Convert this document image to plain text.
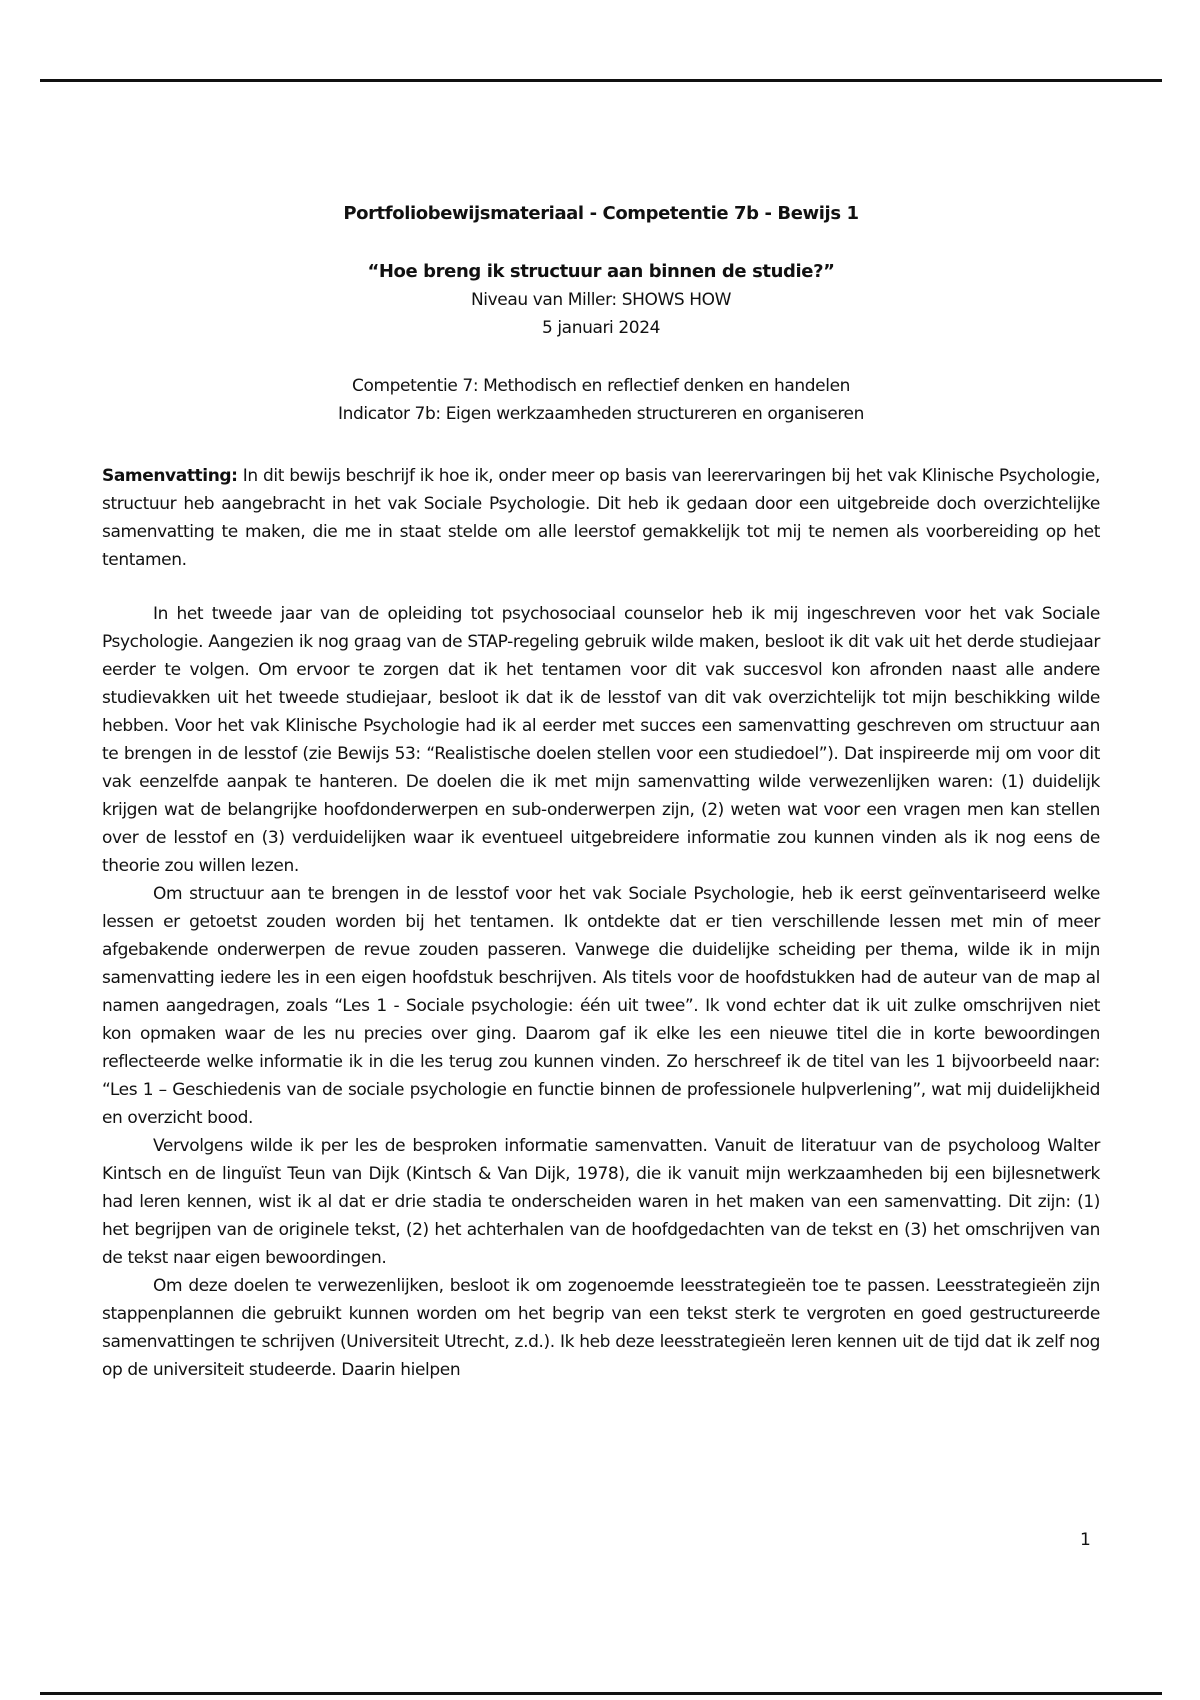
Portfoliobewijsmateriaal - Competentie 7b - Bewijs 1

“Hoe breng ik structuur aan binnen de studie?”

Niveau van Miller: SHOWS HOW

5 januari 2024

Competentie 7: Methodisch en reflectief denken en handelen

Indicator 7b: Eigen werkzaamheden structureren en organiseren

Samenvatting: In dit bewijs beschrijf ik hoe ik, onder meer op basis van leerervaringen bij het vak Klinische Psychologie, structuur heb aangebracht in het vak Sociale Psychologie. Dit heb ik gedaan door een uitgebreide doch overzichtelijke samenvatting te maken, die me in staat stelde om alle leerstof gemakkelijk tot mij te nemen als voorbereiding op het tentamen.

In het tweede jaar van de opleiding tot psychosociaal counselor heb ik mij ingeschreven voor het vak Sociale Psychologie. Aangezien ik nog graag van de STAP-regeling gebruik wilde maken, besloot ik dit vak uit het derde studiejaar eerder te volgen. Om ervoor te zorgen dat ik het tentamen voor dit vak succesvol kon afronden naast alle andere studievakken uit het tweede studiejaar, besloot ik dat ik de lesstof van dit vak overzichtelijk tot mijn beschikking wilde hebben. Voor het vak Klinische Psychologie had ik al eerder met succes een samenvatting geschreven om structuur aan te brengen in de lesstof (zie Bewijs 53: “Realistische doelen stellen voor een studiedoel”). Dat inspireerde mij om voor dit vak eenzelfde aanpak te hanteren. De doelen die ik met mijn samenvatting wilde verwezenlijken waren: (1) duidelijk krijgen wat de belangrijke hoofdonderwerpen en sub-onderwerpen zijn, (2) weten wat voor een vragen men kan stellen over de lesstof en (3) verduidelijken waar ik eventueel uitgebreidere informatie zou kunnen vinden als ik nog eens de theorie zou willen lezen.

Om structuur aan te brengen in de lesstof voor het vak Sociale Psychologie, heb ik eerst geïnventariseerd welke lessen er getoetst zouden worden bij het tentamen. Ik ontdekte dat er tien verschillende lessen met min of meer afgebakende onderwerpen de revue zouden passeren. Vanwege die duidelijke scheiding per thema, wilde ik in mijn samenvatting iedere les in een eigen hoofdstuk beschrijven. Als titels voor de hoofdstukken had de auteur van de map al namen aangedragen, zoals “Les 1 - Sociale psychologie: één uit twee”. Ik vond echter dat ik uit zulke omschrijven niet kon opmaken waar de les nu precies over ging. Daarom gaf ik elke les een nieuwe titel die in korte bewoordingen reflecteerde welke informatie ik in die les terug zou kunnen vinden. Zo herschreef ik de titel van les 1 bijvoorbeeld naar: “Les 1 – Geschiedenis van de sociale psychologie en functie binnen de professionele hulpverlening”, wat mij duidelijkheid en overzicht bood.

Vervolgens wilde ik per les de besproken informatie samenvatten. Vanuit de literatuur van de psycholoog Walter Kintsch en de linguïst Teun van Dijk (Kintsch & Van Dijk, 1978), die ik vanuit mijn werkzaamheden bij een bijlesnetwerk had leren kennen, wist ik al dat er drie stadia te onderscheiden waren in het maken van een samenvatting. Dit zijn: (1) het begrijpen van de originele tekst, (2) het achterhalen van de hoofdgedachten van de tekst en (3) het omschrijven van de tekst naar eigen bewoordingen.

Om deze doelen te verwezenlijken, besloot ik om zogenoemde leesstrategieën toe te passen. Leesstrategieën zijn stappenplannen die gebruikt kunnen worden om het begrip van een tekst sterk te vergroten en goed gestructureerde samenvattingen te schrijven (Universiteit Utrecht, z.d.). Ik heb deze leesstrategieën leren kennen uit de tijd dat ik zelf nog op de universiteit studeerde. Daarin hielpen

1
